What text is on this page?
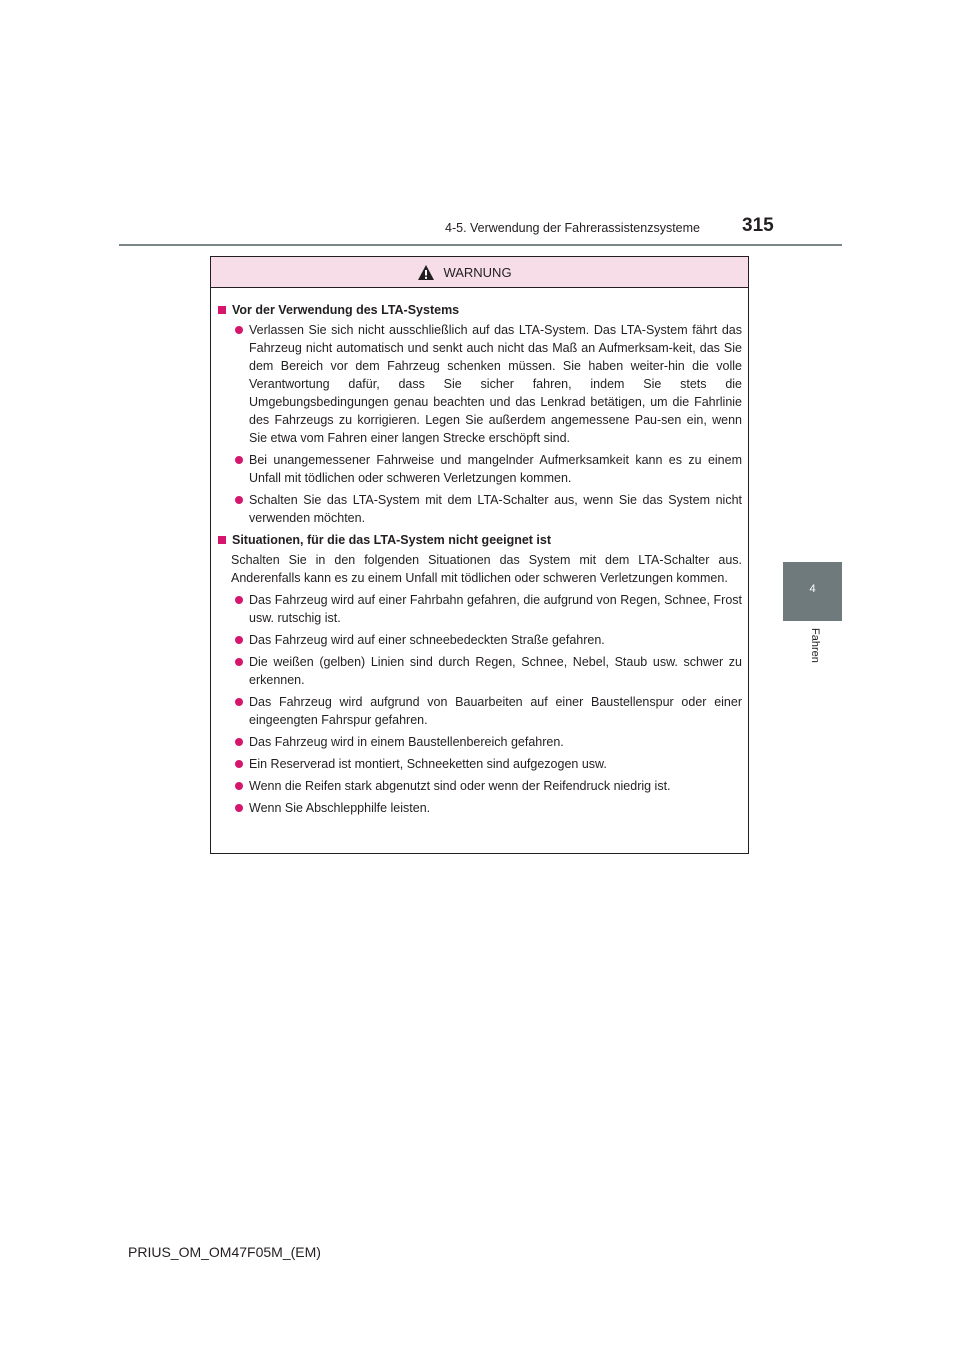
4-5. Verwendung der Fahrerassistenzsysteme 315
4
Fahren
WARNUNG
Vor der Verwendung des LTA-Systems
Verlassen Sie sich nicht ausschließlich auf das LTA-System. Das LTA-System fährt das Fahrzeug nicht automatisch und senkt auch nicht das Maß an Aufmerksam-keit, das Sie dem Bereich vor dem Fahrzeug schenken müssen. Sie haben weiter-hin die volle Verantwortung dafür, dass Sie sicher fahren, indem Sie stets die Umgebungsbedingungen genau beachten und das Lenkrad betätigen, um die Fahrlinie des Fahrzeugs zu korrigieren. Legen Sie außerdem angemessene Pau-sen ein, wenn Sie etwa vom Fahren einer langen Strecke erschöpft sind.
Bei unangemessener Fahrweise und mangelnder Aufmerksamkeit kann es zu einem Unfall mit tödlichen oder schweren Verletzungen kommen.
Schalten Sie das LTA-System mit dem LTA-Schalter aus, wenn Sie das System nicht verwenden möchten.
Situationen, für die das LTA-System nicht geeignet ist
Schalten Sie in den folgenden Situationen das System mit dem LTA-Schalter aus. Anderenfalls kann es zu einem Unfall mit tödlichen oder schweren Verletzungen kommen.
Das Fahrzeug wird auf einer Fahrbahn gefahren, die aufgrund von Regen, Schnee, Frost usw. rutschig ist.
Das Fahrzeug wird auf einer schneebedeckten Straße gefahren.
Die weißen (gelben) Linien sind durch Regen, Schnee, Nebel, Staub usw. schwer zu erkennen.
Das Fahrzeug wird aufgrund von Bauarbeiten auf einer Baustellenspur oder einer eingeengten Fahrspur gefahren.
Das Fahrzeug wird in einem Baustellenbereich gefahren.
Ein Reserverad ist montiert, Schneeketten sind aufgezogen usw.
Wenn die Reifen stark abgenutzt sind oder wenn der Reifendruck niedrig ist.
Wenn Sie Abschlepphilfe leisten.
PRIUS_OM_OM47F05M_(EM)
